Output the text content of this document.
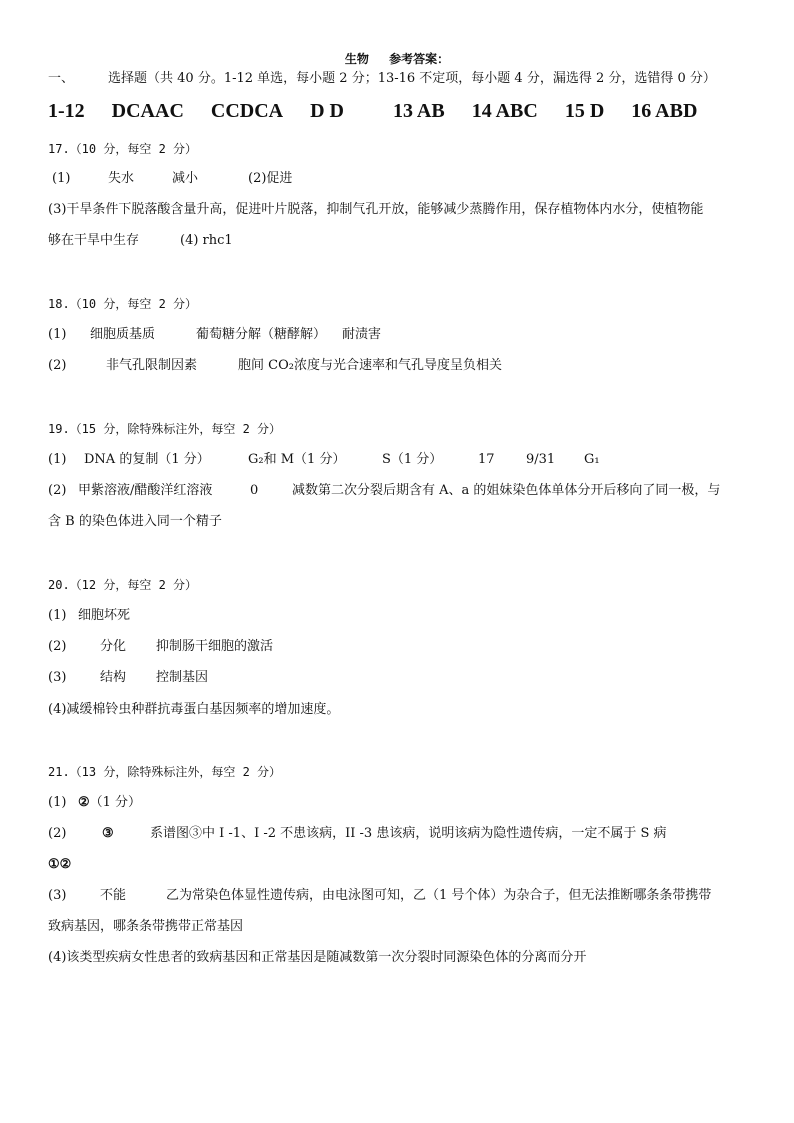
生物 参考答案：
一、	选择题（共 40 分。1-12 单选，每小题 2 分；13-16 不定项，每小题 4 分，漏选得 2 分，选错得 0 分）
1-12 DCAAC CCDCA D D 13 AB 14 ABC 15 D 16 ABD
17.（10 分，每空 2 分）
(1)	失水	减小	(2)促进
(3)干旱条件下脱落酸含量升高，促进叶片脱落，抑制气孔开放，能够减少蒸腾作用，保存植物体内水分，使植物能
够在干旱中生存	(4) rhc1
18.（10 分，每空 2 分）
(1) 细胞质基质	葡萄糖分解（糖酵解） 耐渍害
(2)	非气孔限制因素	胞间 CO₂浓度与光合速率和气孔导度呈负相关
19.（15 分，除特殊标注外，每空 2 分）
(1) DNA 的复制（1 分）	G₂和 M（1 分）	S（1 分）	17 9/31 G₁
(2) 甲紫溶液/醋酸洋红溶液	0	减数第二次分裂后期含有 A、a 的姐妹染色体单体分开后移向了同一极，与
含 B 的染色体进入同一个精子
20.（12 分，每空 2 分）
(1) 细胞坏死
(2)	分化 抑制肠干细胞的激活
(3)	结构 控制基因
(4)减缓棉铃虫种群抗毒蛋白基因频率的增加速度。
21.（13 分，除特殊标注外，每空 2 分）
(1) ②（1 分）
(2)	③	系谱图③中 I -1、I -2 不患该病，II -3 患该病，说明该病为隐性遗传病，一定不属于 S 病
①②
(3)	不能	乙为常染色体显性遗传病，由电泳图可知，乙（1 号个体）为杂合子，但无法推断哪条条带携带
致病基因，哪条条带携带正常基因
(4)该类型疾病女性患者的致病基因和正常基因是随减数第一次分裂时同源染色体的分离而分开
